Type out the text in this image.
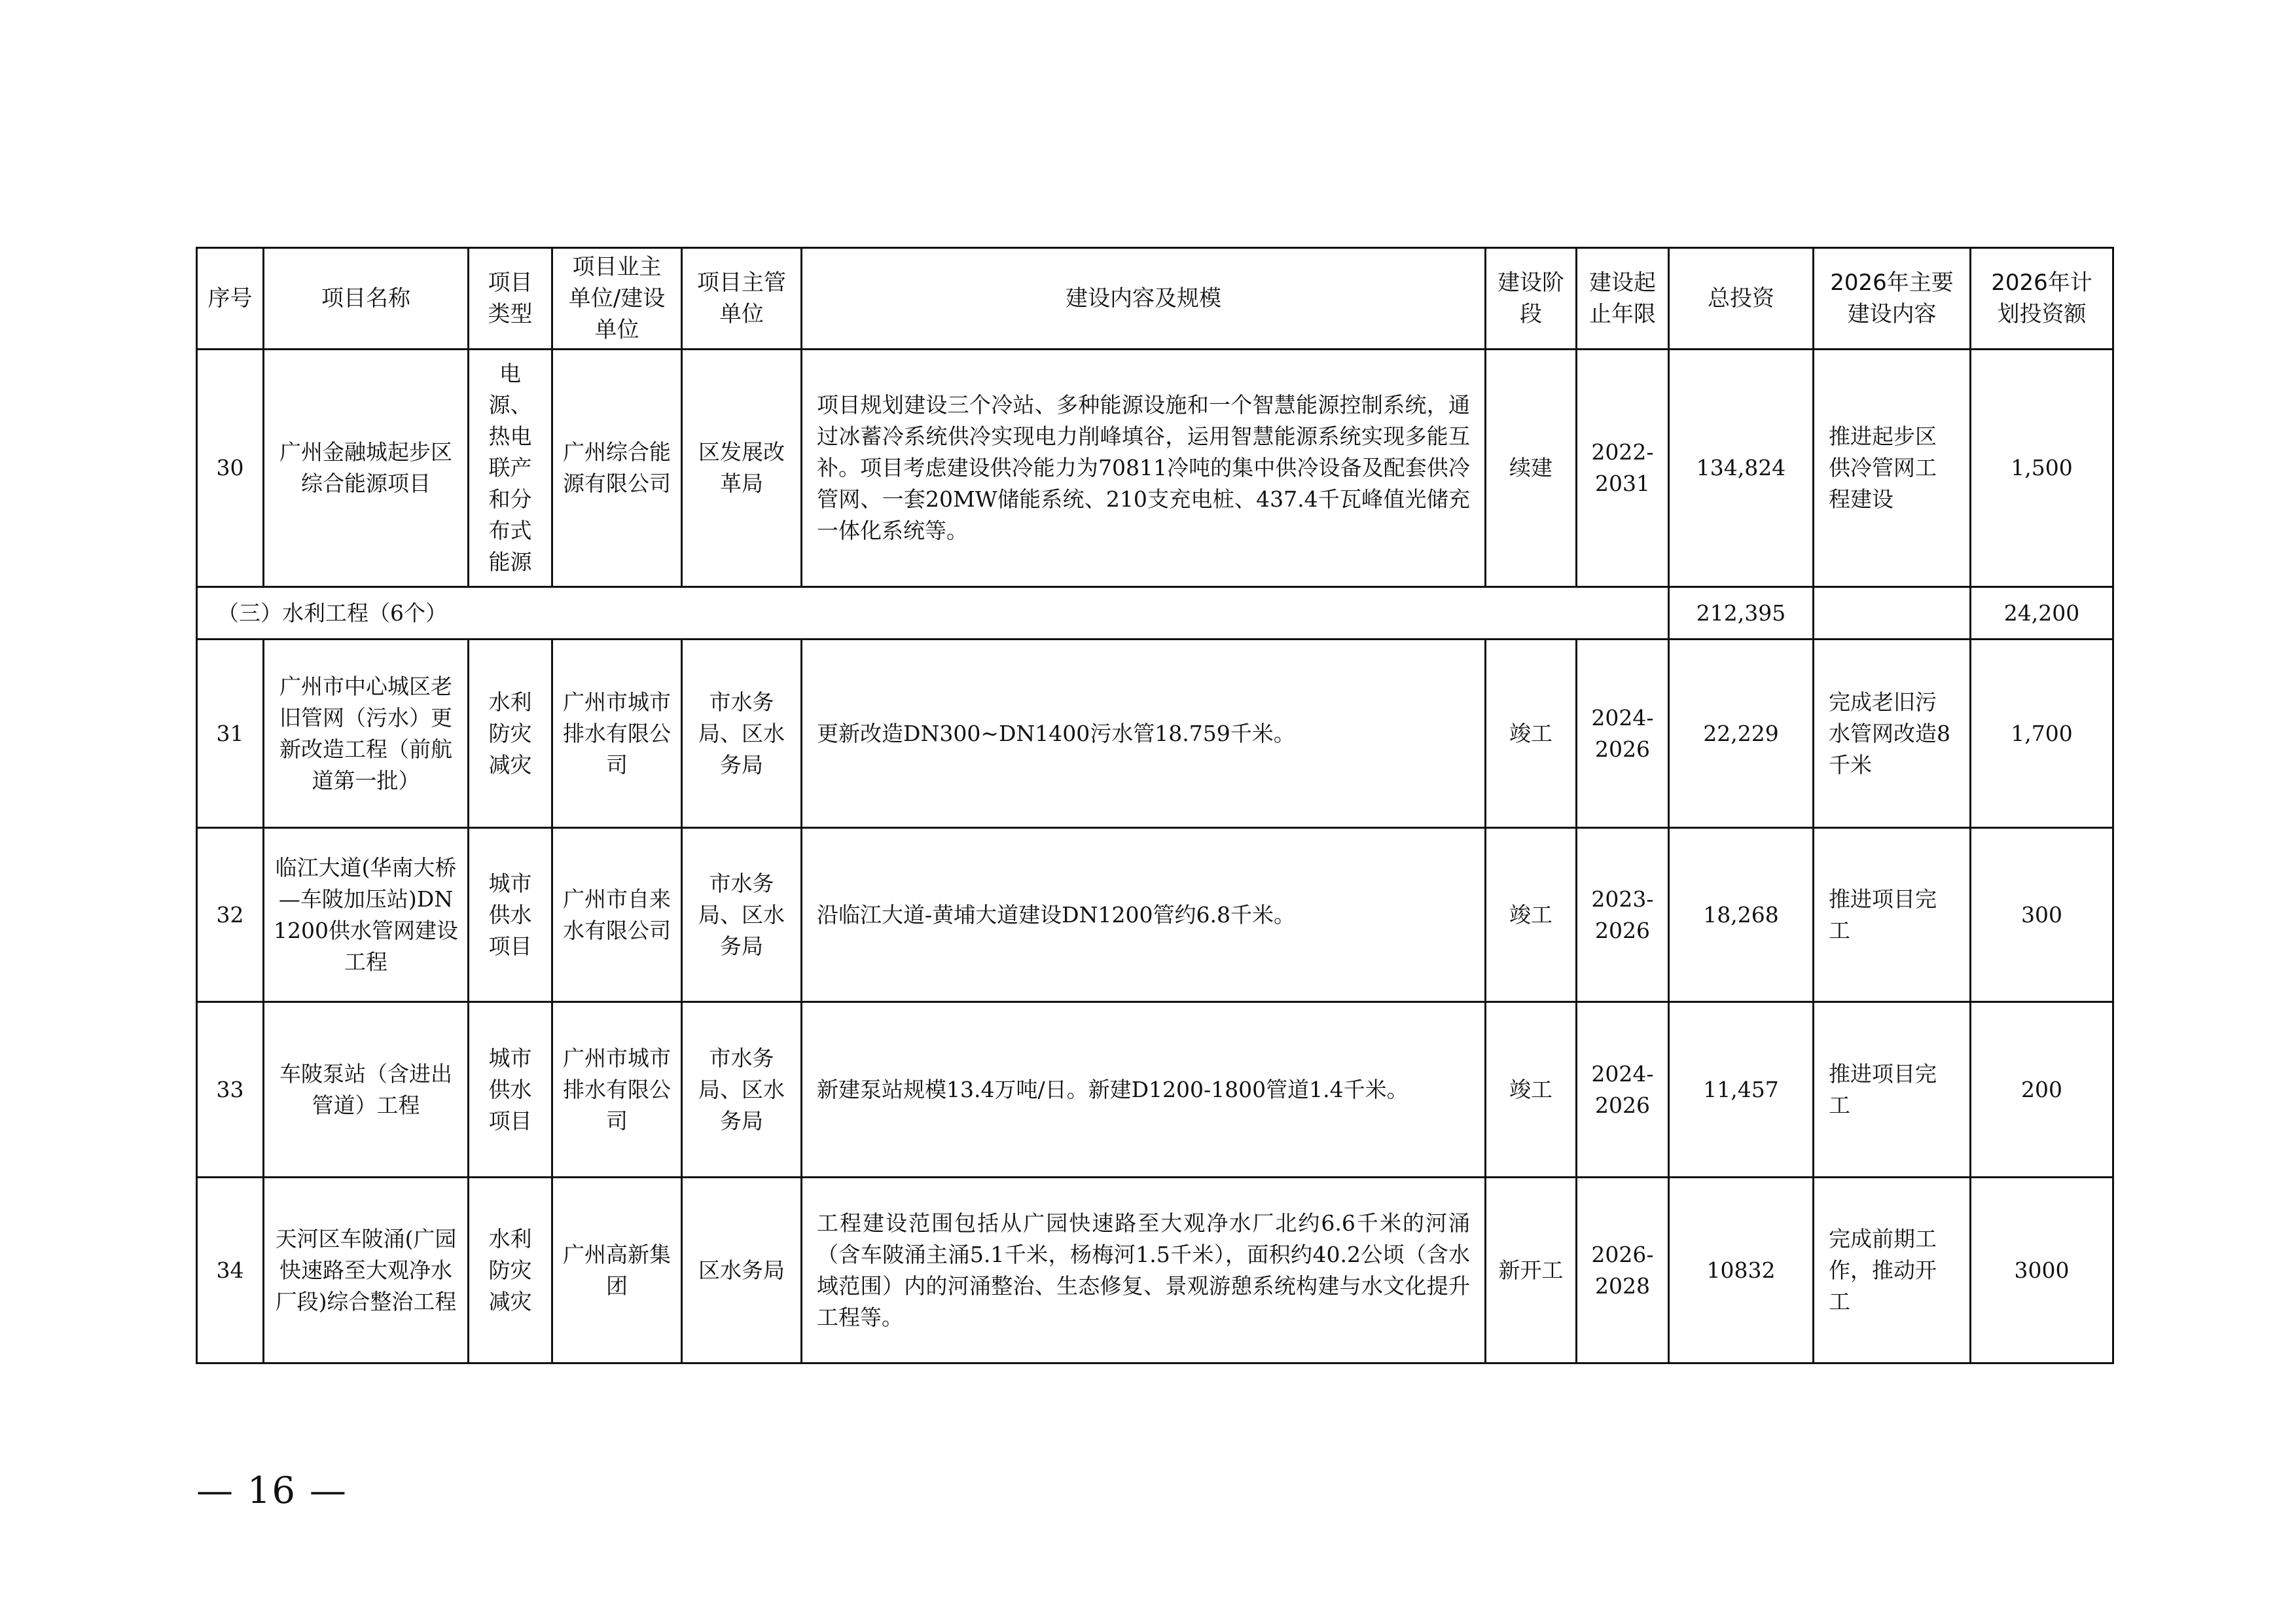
序号	项目名称	项目类型	项目业主单位/建设单位	项目主管单位	建设内容及规模	建设阶段	建设起止年限	总投资	2026年主要建设内容	2026年计划投资额
30	广州金融城起步区综合能源项目	电源、热电联产和分布式能源	广州综合能源有限公司	区发展改革局	项目规划建设三个冷站、多种能源设施和一个智慧能源控制系统，通过冰蓄冷系统供冷实现电力削峰填谷，运用智慧能源系统实现多能互补。项目考虑建设供冷能力为70811冷吨的集中供冷设备及配套供冷管网、一套20MW储能系统、210支充电桩、437.4千瓦峰值光储充一体化系统等。	续建	2022-2031	134,824	推进起步区供冷管网工程建设	1,500
（三）水利工程（6个）								212,395		24,200
31	广州市中心城区老旧管网（污水）更新改造工程（前航道第一批）	水利防灾减灾	广州市城市排水有限公司	市水务局、区水务局	更新改造DN300~DN1400污水管18.759千米。	竣工	2024-2026	22,229	完成老旧污水管网改造8千米	1,700
32	临江大道(华南大桥—车陂加压站)DN1200供水管网建设工程	城市供水项目	广州市自来水有限公司	市水务局、区水务局	沿临江大道-黄埔大道建设DN1200管约6.8千米。	竣工	2023-2026	18,268	推进项目完工	300
33	车陂泵站（含进出管道）工程	城市供水项目	广州市城市排水有限公司	市水务局、区水务局	新建泵站规模13.4万吨/日。新建D1200-1800管道1.4千米。	竣工	2024-2026	11,457	推进项目完工	200
34	天河区车陂涌(广园快速路至大观净水厂段)综合整治工程	水利防灾减灾	广州高新集团	区水务局	工程建设范围包括从广园快速路至大观净水厂北约6.6千米的河涌（含车陂涌主涌5.1千米，杨梅河1.5千米），面积约40.2公顷（含水域范围）内的河涌整治、生态修复、景观游憩系统构建与水文化提升工程等。	新开工	2026-2028	10832	完成前期工作，推动开工	3000
— 16 —
